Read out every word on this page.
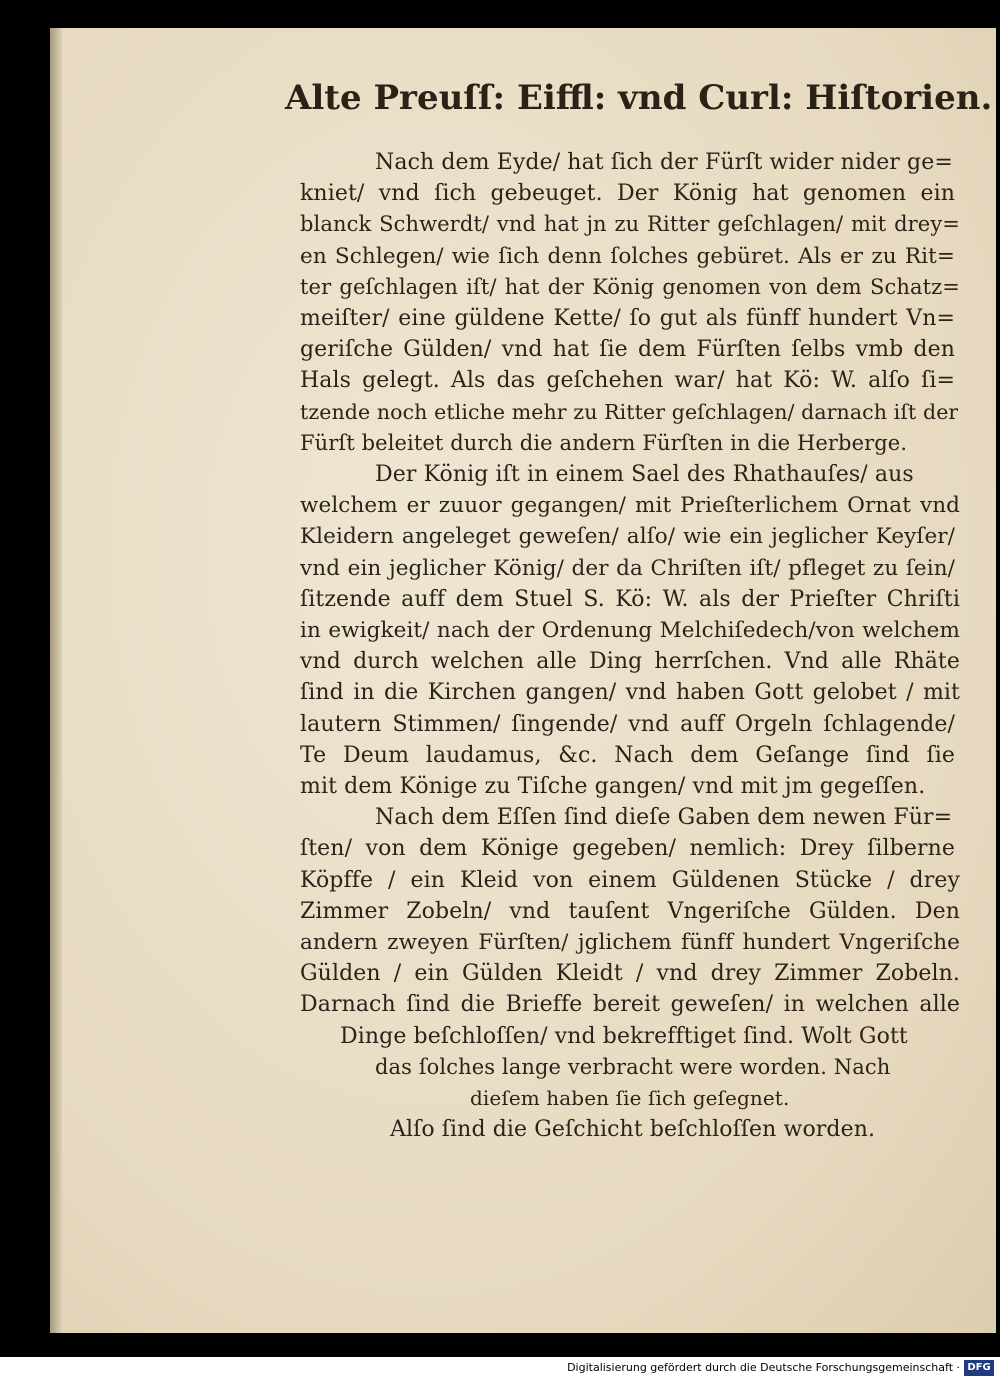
Alte Preuſſ: Eiffl: vnd Curl: Hiſtorien.
Nach dem Eyde/ hat ſich der Fürſt wider nider ge=
kniet/ vnd ſich gebeuget. Der König hat genomen ein
blanck Schwerdt/ vnd hat jn zu Ritter geſchlagen/ mit drey=
en Schlegen/ wie ſich denn ſolches gebüret. Als er zu Rit=
ter geſchlagen iſt/ hat der König genomen von dem Schatz=
meiſter/ eine güldene Kette/ ſo gut als fünff hundert Vn=
geriſche Gülden/ vnd hat ſie dem Fürſten ſelbs vmb den
Hals gelegt. Als das geſchehen war/ hat Kö: W. alſo ſi=
tzende noch etliche mehr zu Ritter geſchlagen/ darnach iſt der
Fürſt beleitet durch die andern Fürſten in die Herberge.
Der König iſt in einem Sael des Rhathauſes/ aus
welchem er zuuor gegangen/ mit Prieſterlichem Ornat vnd
Kleidern angeleget geweſen/ alſo/ wie ein jeglicher Keyſer/
vnd ein jeglicher König/ der da Chriſten iſt/ pfleget zu ſein/
ſitzende auff dem Stuel S. Kö: W. als der Prieſter Chriſti
in ewigkeit/ nach der Ordenung Melchiſedech/von welchem
vnd durch welchen alle Ding herrſchen. Vnd alle Rhäte
ſind in die Kirchen gangen/ vnd haben Gott gelobet / mit
lautern Stimmen/ ſingende/ vnd auff Orgeln ſchlagende/
Te Deum laudamus, &c. Nach dem Geſange ſind ſie
mit dem Könige zu Tiſche gangen/ vnd mit jm gegeſſen.
Nach dem Eſſen ſind dieſe Gaben dem newen Für=
ſten/ von dem Könige gegeben/ nemlich: Drey ſilberne
Köpffe / ein Kleid von einem Güldenen Stücke / drey
Zimmer Zobeln/ vnd tauſent Vngeriſche Gülden. Den
andern zweyen Fürſten/ jglichem fünff hundert Vngeriſche
Gülden / ein Gülden Kleidt / vnd drey Zimmer Zobeln.
Darnach ſind die Brieffe bereit geweſen/ in welchen alle
Dinge beſchloſſen/ vnd bekrefftiget ſind. Wolt Gott
das ſolches lange verbracht were worden. Nach
dieſem haben ſie ſich geſegnet.
Alſo ſind die Geſchicht beſchloſſen worden.
Digitalisierung gefördert durch die Deutsche Forschungsgemeinschaft · DFG
